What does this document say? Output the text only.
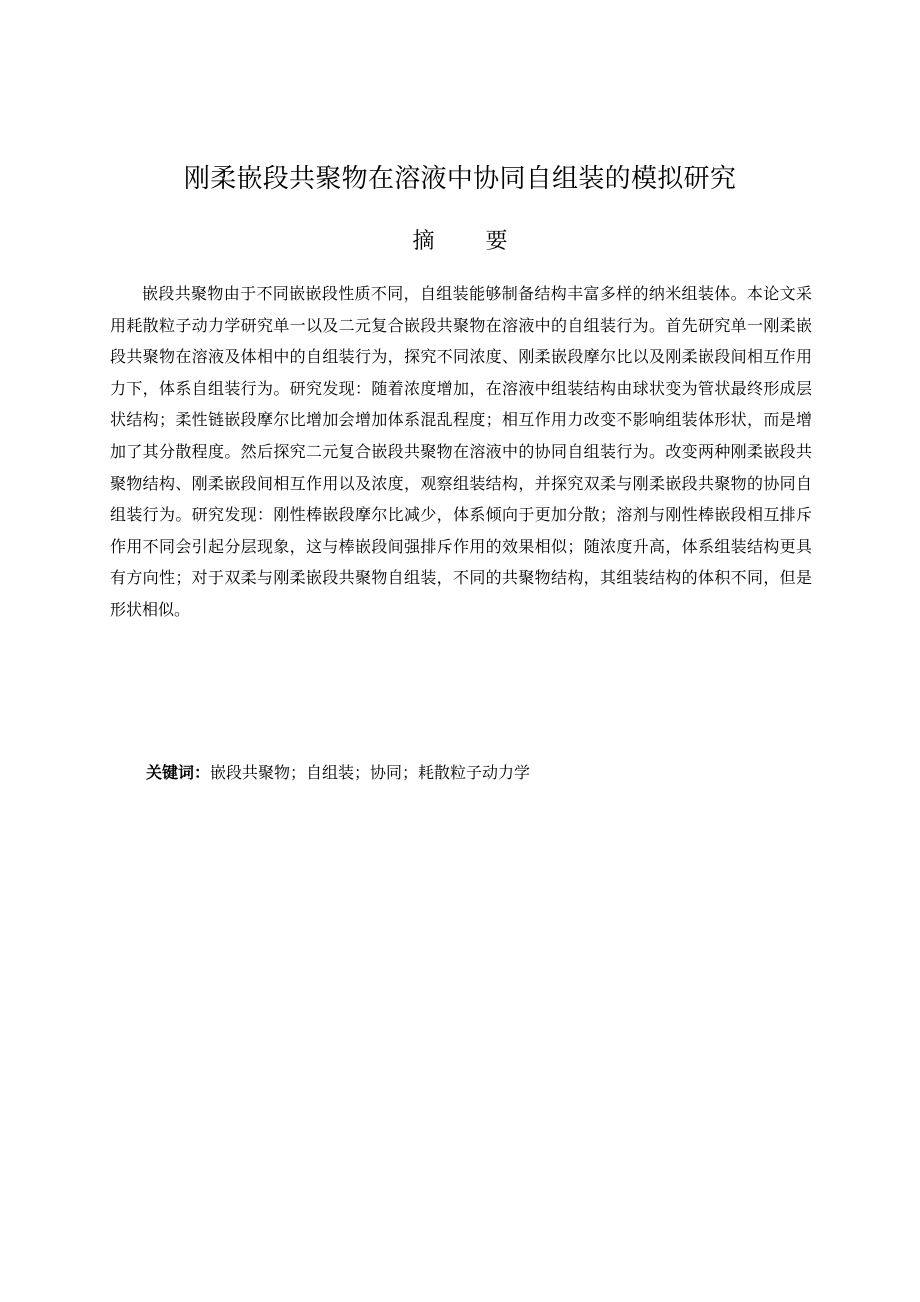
刚柔嵌段共聚物在溶液中协同自组装的模拟研究
摘 要

嵌段共聚物由于不同嵌嵌段性质不同，自组装能够制备结构丰富多样的纳米组装体。本论文采用耗散粒子动力学研究单一以及二元复合嵌段共聚物在溶液中的自组装行为。首先研究单一刚柔嵌段共聚物在溶液及体相中的自组装行为，探究不同浓度、刚柔嵌段摩尔比以及刚柔嵌段间相互作用力下，体系自组装行为。研究发现：随着浓度增加，在溶液中组装结构由球状变为管状最终形成层状结构；柔性链嵌段摩尔比增加会增加体系混乱程度；相互作用力改变不影响组装体形状，而是增加了其分散程度。然后探究二元复合嵌段共聚物在溶液中的协同自组装行为。改变两种刚柔嵌段共聚物结构、刚柔嵌段间相互作用以及浓度，观察组装结构，并探究双柔与刚柔嵌段共聚物的协同自组装行为。研究发现：刚性棒嵌段摩尔比减少，体系倾向于更加分散；溶剂与刚性棒嵌段相互排斥作用不同会引起分层现象，这与棒嵌段间强排斥作用的效果相似；随浓度升高，体系组装结构更具有方向性；对于双柔与刚柔嵌段共聚物自组装，不同的共聚物结构，其组装结构的体积不同，但是形状相似。

关键词：嵌段共聚物；自组装；协同；耗散粒子动力学
